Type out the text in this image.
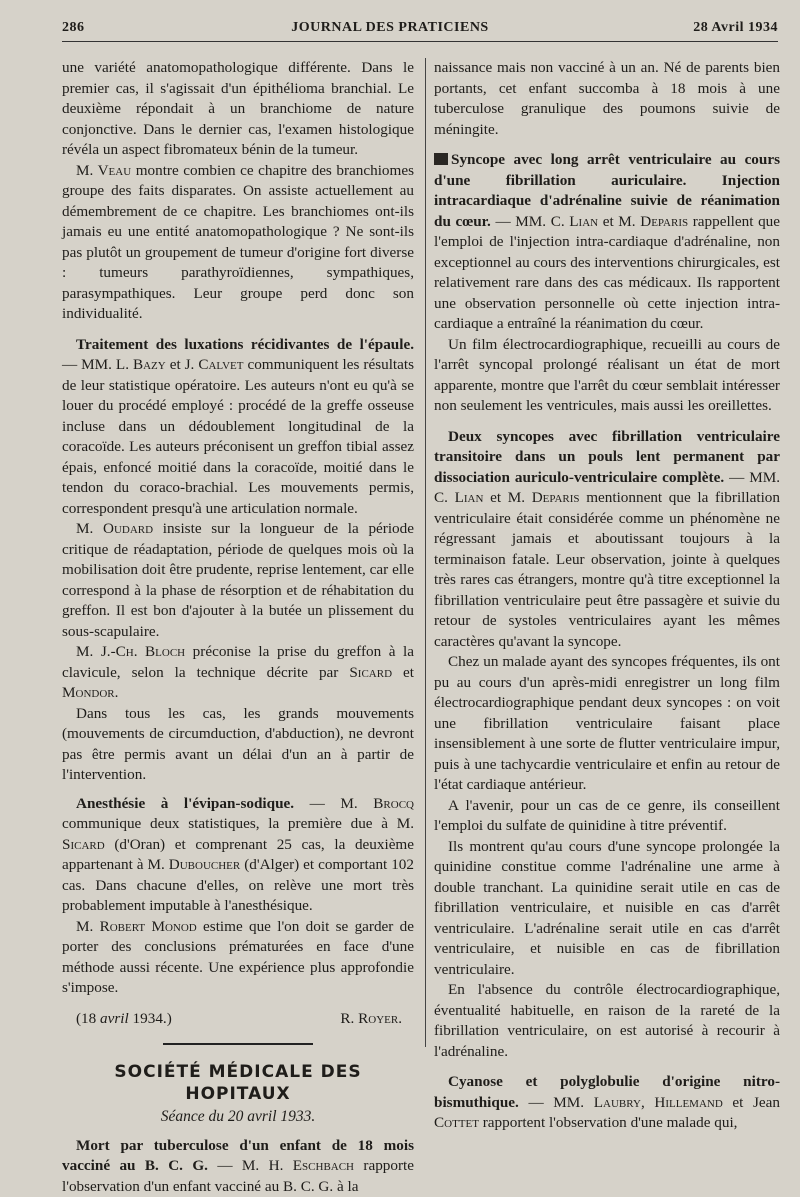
286	JOURNAL DES PRATICIENS	28 Avril 1934

une variété anatomopathologique différente. Dans le premier cas, il s'agissait d'un épithélioma branchial. Le deuxième répondait à un branchiome de nature conjonctive. Dans le dernier cas, l'examen histologique révéla un aspect fibromateux bénin de la tumeur.

M. Veau montre combien ce chapitre des branchiomes groupe des faits disparates. On assiste actuellement au démembrement de ce chapitre. Les branchiomes ont-ils jamais eu une entité anatomopathologique ? Ne sont-ils pas plutôt un groupement de tumeur d'origine fort diverse : tumeurs parathyroïdiennes, sympathiques, parasympathiques. Leur groupe perd donc son individualité.

Traitement des luxations récidivantes de l'épaule. — MM. L. Bazy et J. Calvet communiquent les résultats de leur statistique opératoire. Les auteurs n'ont eu qu'à se louer du procédé employé : procédé de la greffe osseuse incluse dans un dédoublement longitudinal de la coracoïde. Les auteurs préconisent un greffon tibial assez épais, enfoncé moitié dans la coracoïde, moitié dans le tendon du coraco-brachial. Les mouvements permis, correspondent presqu'à une articulation normale.

M. Oudard insiste sur la longueur de la période critique de réadaptation, période de quelques mois où la mobilisation doit être prudente, reprise lentement, car elle correspond à la phase de résorption et de réhabitation du greffon. Il est bon d'ajouter à la butée un plissement du sous-scapulaire.

M. J.-Ch. Bloch préconise la prise du greffon à la clavicule, selon la technique décrite par Sicard et Mondor.

Dans tous les cas, les grands mouvements (mouvements de circumduction, d'abduction), ne devront pas être permis avant un délai d'un an à partir de l'intervention.

Anesthésie à l'évipan-sodique. — M. Brocq communique deux statistiques, la première due à M. Sicard (d'Oran) et comprenant 25 cas, la deuxième appartenant à M. Dubouchеr (d'Alger) et comportant 102 cas. Dans chacune d'elles, on relève une mort très probablement imputable à l'anesthésique.

M. Robert Monod estime que l'on doit se garder de porter des conclusions prématurées en face d'une méthode aussi récente. Une expérience plus approfondie s'impose.

(18 avril 1934.)	R. Royer.
SOCIÉTÉ MÉDICALE DES HOPITAUX
Séance du 20 avril 1933.

Mort par tuberculose d'un enfant de 18 mois vacciné au B. C. G. — M. H. Eschbach rapporte l'observation d'un enfant vacciné au B. C. G. à la

naissance mais non vacciné à un an. Né de parents bien portants, cet enfant succomba à 18 mois à une tuberculose granulique des poumons suivie de méningite.

Syncope avec long arrêt ventriculaire au cours d'une fibrillation auriculaire. Injection intracardiaque d'adrénaline suivie de réanimation du cœur. — MM. C. Lian et M. Deparis rappellent que l'emploi de l'injection intra-cardiaque d'adrénaline, non exceptionnel au cours des interventions chirurgicales, est relativement rare dans des cas médicaux. Ils rapportent une observation personnelle où cette injection intra-cardiaque a entraîné la réanimation du cœur.

Un film électrocardiographique, recueilli au cours de l'arrêt syncopal prolongé réalisant un état de mort apparente, montre que l'arrêt du cœur semblait intéresser non seulement les ventricules, mais aussi les oreillettes.

Deux syncopes avec fibrillation ventriculaire transitoire dans un pouls lent permanent par dissociation auriculo-ventriculaire complète. — MM. C. Lian et M. Deparis mentionnent que la fibrillation ventriculaire était considérée comme un phénomène ne régressant jamais et aboutissant toujours à la terminaison fatale. Leur observation, jointe à quelques très rares cas étrangers, montre qu'à titre exceptionnel la fibrillation ventriculaire peut être passagère et suivie du retour de systoles ventriculaires ayant les mêmes caractères qu'avant la syncope.

Chez un malade ayant des syncopes fréquentes, ils ont pu au cours d'un après-midi enregistrer un long film électrocardiographique pendant deux syncopes : on voit une fibrillation ventriculaire faisant place insensiblement à une sorte de flutter ventriculaire impur, puis à une tachycardie ventriculaire et enfin au retour de l'état cardiaque antérieur.

A l'avenir, pour un cas de ce genre, ils conseillent l'emploi du sulfate de quinidine à titre préventif.

Ils montrent qu'au cours d'une syncope prolongée la quinidine constitue comme l'adrénaline une arme à double tranchant. La quinidine serait utile en cas de fibrillation ventriculaire, et nuisible en cas d'arrêt ventriculaire. L'adrénaline serait utile en cas d'arrêt ventriculaire, et nuisible en cas de fibrillation ventriculaire.

En l'absence du contrôle électrocardiographique, éventualité habituelle, en raison de la rareté de la fibrillation ventriculaire, on est autorisé à recourir à l'adrénaline.

Cyanose et polyglobulie d'origine nitro-bismuthique. — MM. Laubry, Hillemand et Jean Cottet rapportent l'observation d'une malade qui,
